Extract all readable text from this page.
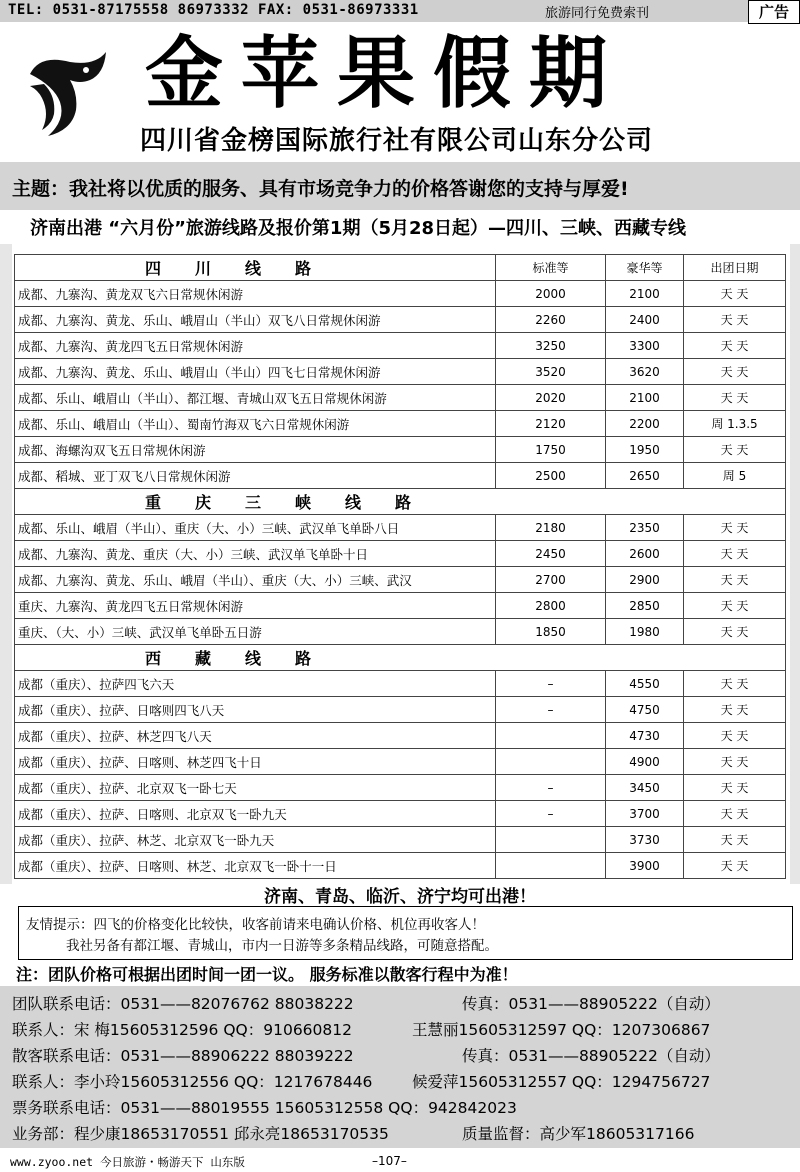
TEL: 0531-87175558 86973332 FAX: 0531-86973331	旅游同行免费索刊	广告
金苹果假期
四川省金榜国际旅行社有限公司山东分公司
主题：我社将以优质的服务、具有市场竞争力的价格答谢您的支持与厚爱!
济南出港 “六月份”旅游线路及报价第1期（5月28日起）—四川、三峡、西藏专线
四川线路	标准等	豪华等	出团日期
成都、九寨沟、黄龙双飞六日常规休闲游	2000	2100	天 天
成都、九寨沟、黄龙、乐山、峨眉山（半山）双飞八日常规休闲游	2260	2400	天 天
成都、九寨沟、黄龙四飞五日常规休闲游	3250	3300	天 天
成都、九寨沟、黄龙、乐山、峨眉山（半山）四飞七日常规休闲游	3520	3620	天 天
成都、乐山、峨眉山（半山）、都江堰、青城山双飞五日常规休闲游	2020	2100	天 天
成都、乐山、峨眉山（半山）、蜀南竹海双飞六日常规休闲游	2120	2200	周 1.3.5
成都、海螺沟双飞五日常规休闲游	1750	1950	天 天
成都、稻城、亚丁双飞八日常规休闲游	2500	2650	周 5
重庆三峡线路			
成都、乐山、峨眉（半山）、重庆（大、小）三峡、武汉单飞单卧八日	2180	2350	天 天
成都、九寨沟、黄龙、重庆（大、小）三峡、武汉单飞单卧十日	2450	2600	天 天
成都、九寨沟、黄龙、乐山、峨眉（半山）、重庆（大、小）三峡、武汉	2700	2900	天 天
重庆、九寨沟、黄龙四飞五日常规休闲游	2800	2850	天 天
重庆、（大、小）三峡、武汉单飞单卧五日游	1850	1980	天 天
西藏线路			
成都（重庆）、拉萨四飞六天	–	4550	天 天
成都（重庆）、拉萨、日喀则四飞八天	–	4750	天 天
成都（重庆）、拉萨、林芝四飞八天		4730	天 天
成都（重庆）、拉萨、日喀则、林芝四飞十日		4900	天 天
成都（重庆）、拉萨、北京双飞一卧七天	–	3450	天 天
成都（重庆）、拉萨、日喀则、北京双飞一卧九天	–	3700	天 天
成都（重庆）、拉萨、林芝、北京双飞一卧九天		3730	天 天
成都（重庆）、拉萨、日喀则、林芝、北京双飞一卧十一日		3900	天 天
济南、青岛、临沂、济宁均可出港！
友情提示：四飞的价格变化比较快，收客前请来电确认价格、机位再收客人！
我社另备有都江堰、青城山，市内一日游等多条精品线路，可随意搭配。
注：团队价格可根据出团时间一团一议。 服务标准以散客行程中为准！
团队联系电话：0531——82076762 88038222	传真：0531——88905222（自动）
联系人：宋 梅15605312596 QQ：910660812	王慧丽15605312597 QQ：1207306867
散客联系电话：0531——88906222 88039222	传真：0531——88905222（自动）
联系人：李小玲15605312556 QQ：1217678446	候爱萍15605312557 QQ：1294756727
票务联系电话：0531——88019555 15605312558 QQ：942842023
业务部：程少康18653170551 邱永亮18653170535	质量监督：高少军18605317166
www.zyoo.net 今日旅游・畅游天下 山东版	–107–
